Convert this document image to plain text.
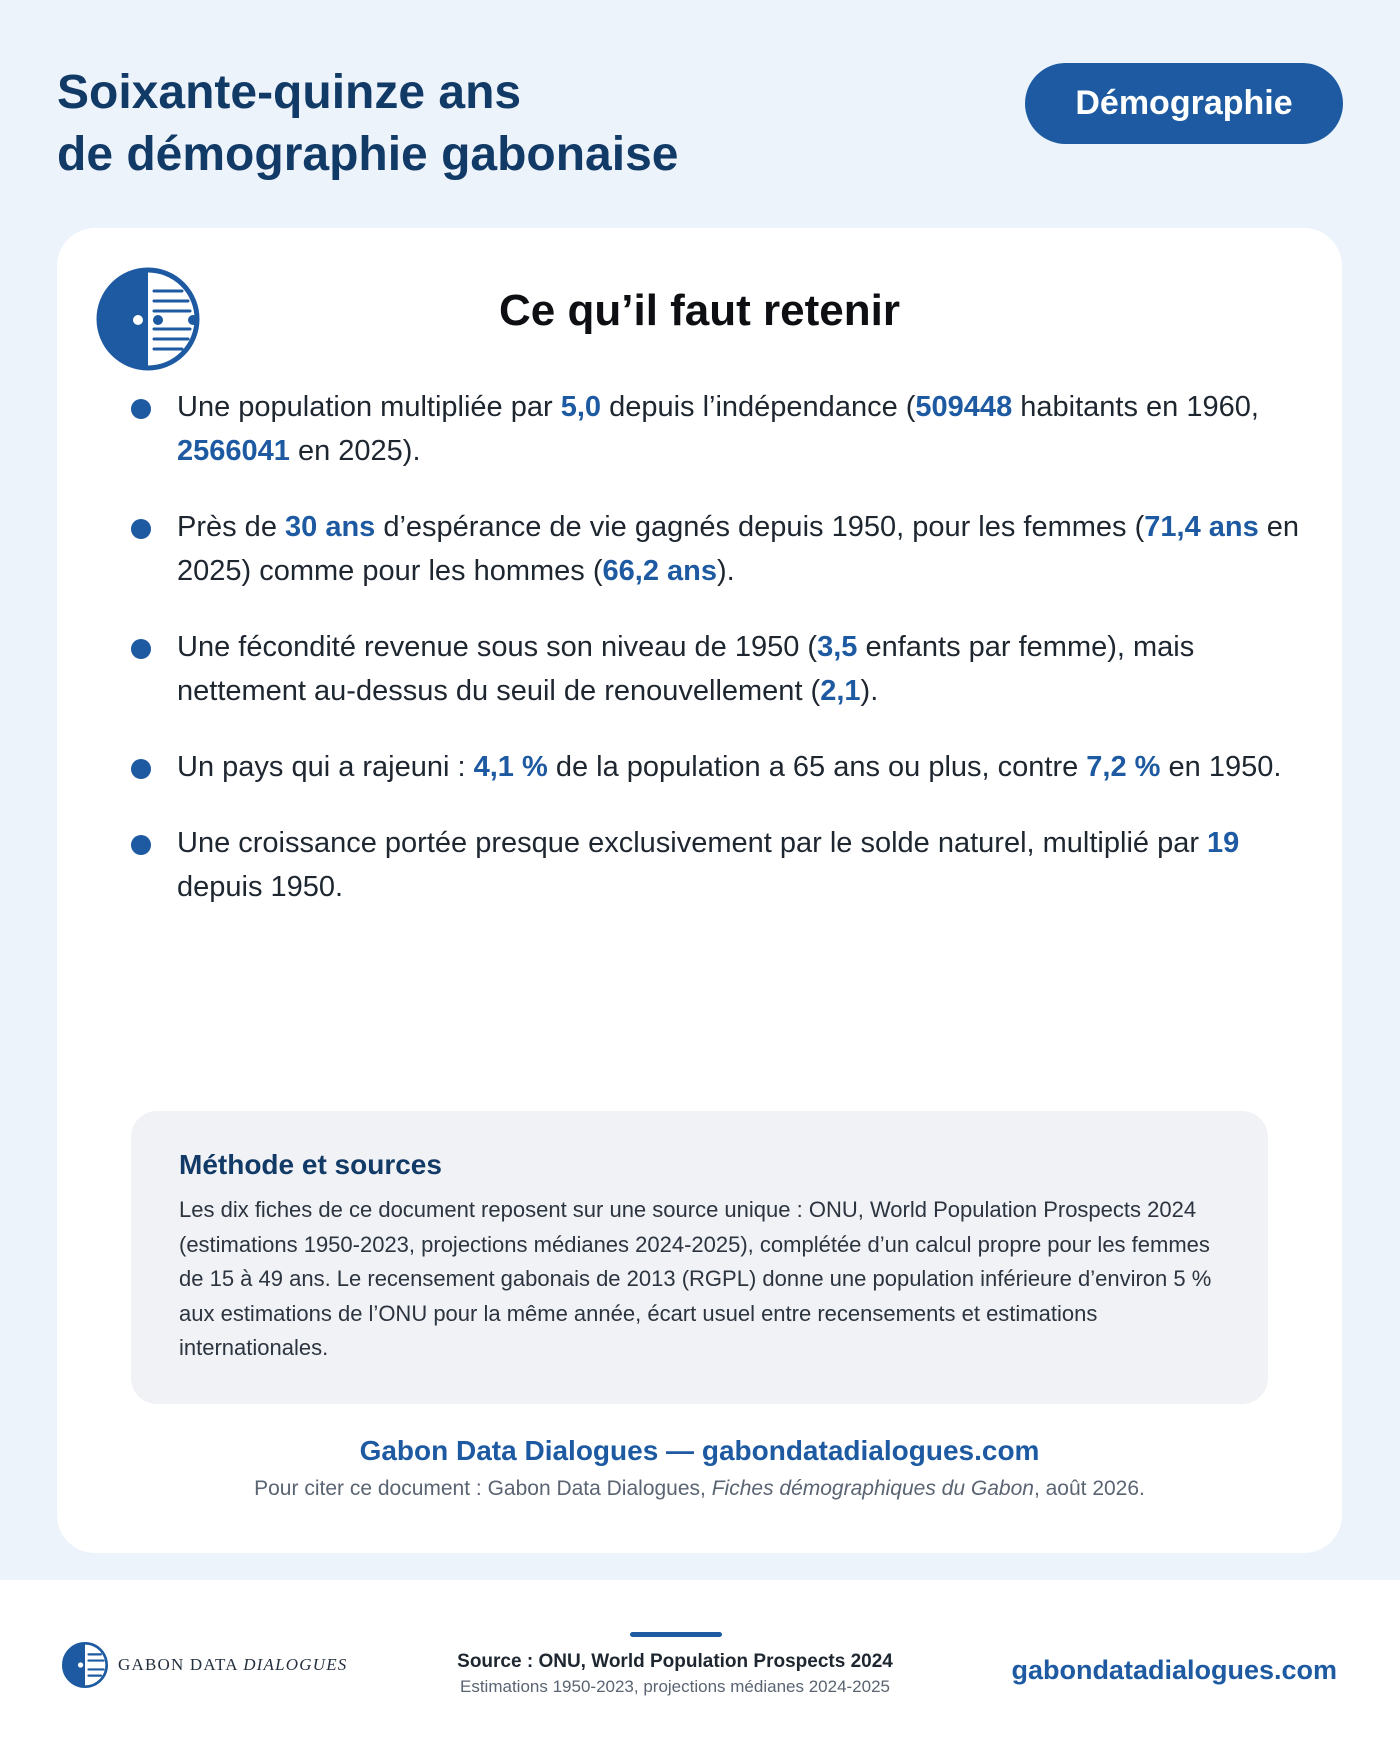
Soixante-quinze ans
de démographie gabonaise
Démographie
Ce qu’il faut retenir
Une population multipliée par 5,0 depuis l’indépendance (509448 habitants en 1960, 2566041 en 2025).
Près de 30 ans d’espérance de vie gagnés depuis 1950, pour les femmes (71,4 ans en 2025) comme pour les hommes (66,2 ans).
Une fécondité revenue sous son niveau de 1950 (3,5 enfants par femme), mais nettement au-dessus du seuil de renouvellement (2,1).
Un pays qui a rajeuni : 4,1 % de la population a 65 ans ou plus, contre 7,2 % en 1950.
Une croissance portée presque exclusivement par le solde naturel, multiplié par 19 depuis 1950.
Méthode et sources

Les dix fiches de ce document reposent sur une source unique : ONU, World Population Prospects 2024 (estimations 1950-2023, projections médianes 2024-2025), complétée d’un calcul propre pour les femmes de 15 à 49 ans. Le recensement gabonais de 2013 (RGPL) donne une population inférieure d’environ 5 % aux estimations de l’ONU pour la même année, écart usuel entre recensements et estimations internationales.

Gabon Data Dialogues — gabondatadialogues.com
Pour citer ce document : Gabon Data Dialogues, Fiches démographiques du Gabon, août 2026.
GABON DATA DIALOGUES	Source : ONU, World Population Prospects 2024
Estimations 1950-2023, projections médianes 2024-2025
gabondatadialogues.com
